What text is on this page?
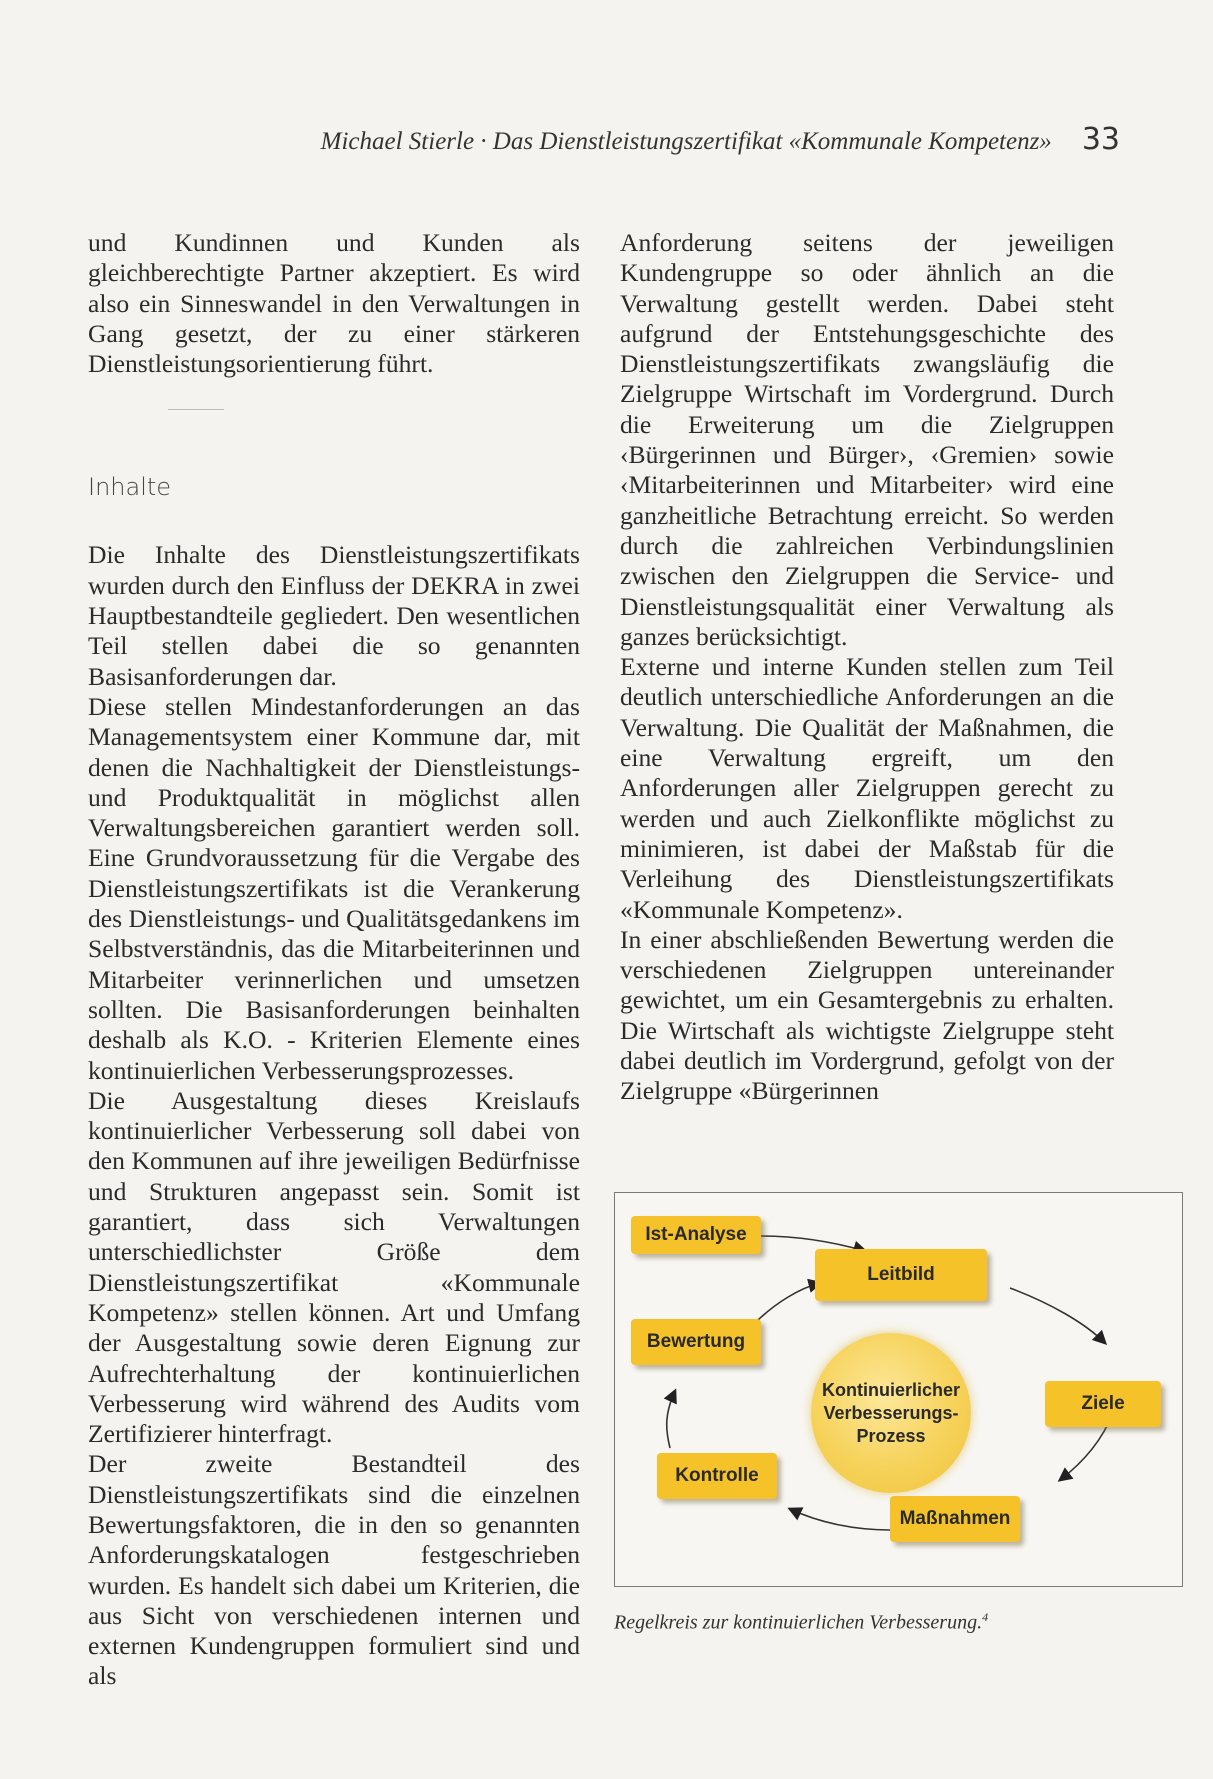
Michael Stierle · Das Dienstleistungszertifikat «Kommunale Kompetenz» 33

und Kundinnen und Kunden als gleichberechtigte Partner akzeptiert. Es wird also ein Sinneswandel in den Verwaltungen in Gang gesetzt, der zu einer stärkeren Dienstleistungsorientierung führt.

Inhalte

Die Inhalte des Dienstleistungszertifikats wurden durch den Einfluss der DEKRA in zwei Hauptbestandteile gegliedert. Den wesentlichen Teil stellen dabei die so genannten Basisanforderungen dar.

Diese stellen Mindestanforderungen an das Managementsystem einer Kommune dar, mit denen die Nachhaltigkeit der Dienstleistungs- und Produktqualität in möglichst allen Verwaltungsbereichen garantiert werden soll. Eine Grundvoraussetzung für die Vergabe des Dienstleistungszertifikats ist die Verankerung des Dienstleistungs- und Qualitätsgedankens im Selbstverständnis, das die Mitarbeiterinnen und Mitarbeiter verinnerlichen und umsetzen sollten. Die Basisanforderungen beinhalten deshalb als K.O. - Kriterien Elemente eines kontinuierlichen Verbesserungsprozesses.

Die Ausgestaltung dieses Kreislaufs kontinuierlicher Verbesserung soll dabei von den Kommunen auf ihre jeweiligen Bedürfnisse und Strukturen angepasst sein. Somit ist garantiert, dass sich Verwaltungen unterschiedlichster Größe dem Dienstleistungszertifikat «Kommunale Kompetenz» stellen können. Art und Umfang der Ausgestaltung sowie deren Eignung zur Aufrechterhaltung der kontinuierlichen Verbesserung wird während des Audits vom Zertifizierer hinterfragt.

Der zweite Bestandteil des Dienstleistungszertifikats sind die einzelnen Bewertungsfaktoren, die in den so genannten Anforderungskatalogen festgeschrieben wurden. Es handelt sich dabei um Kriterien, die aus Sicht von verschiedenen internen und externen Kundengruppen formuliert sind und als

Anforderung seitens der jeweiligen Kundengruppe so oder ähnlich an die Verwaltung gestellt werden. Dabei steht aufgrund der Entstehungsgeschichte des Dienstleistungszertifikats zwangsläufig die Zielgruppe Wirtschaft im Vordergrund. Durch die Erweiterung um die Zielgruppen ‹Bürgerinnen und Bürger›, ‹Gremien› sowie ‹Mitarbeiterinnen und Mitarbeiter› wird eine ganzheitliche Betrachtung erreicht. So werden durch die zahlreichen Verbindungslinien zwischen den Zielgruppen die Service- und Dienstleistungsqualität einer Verwaltung als ganzes berücksichtigt.

Externe und interne Kunden stellen zum Teil deutlich unterschiedliche Anforderungen an die Verwaltung. Die Qualität der Maßnahmen, die eine Verwaltung ergreift, um den Anforderungen aller Zielgruppen gerecht zu werden und auch Zielkonflikte möglichst zu minimieren, ist dabei der Maßstab für die Verleihung des Dienstleistungszertifikats «Kommunale Kompetenz».

In einer abschließenden Bewertung werden die verschiedenen Zielgruppen untereinander gewichtet, um ein Gesamtergebnis zu erhalten. Die Wirtschaft als wichtigste Zielgruppe steht dabei deutlich im Vordergrund, gefolgt von der Zielgruppe «Bürgerinnen

Ist-Analyse
Leitbild
Bewertung
Ziele
Kontrolle
Maßnahmen
Kontinuierlicher Verbesserungs- Prozess
Regelkreis zur kontinuierlichen Verbesserung.$^4$
